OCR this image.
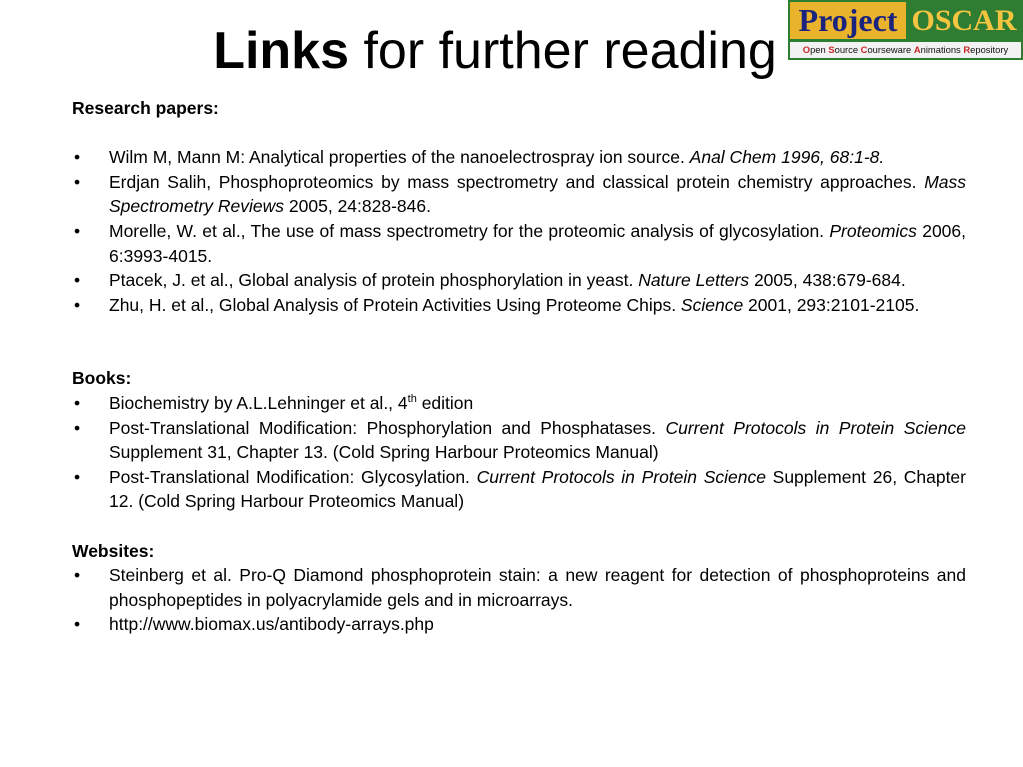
Links for further reading
Project OSCAR
Open Source Courseware Animations Repository

Research papers:

• Wilm M, Mann M: Analytical properties of the nanoelectrospray ion source. Anal Chem 1996, 68:1-8.
• Erdjan Salih, Phosphoproteomics by mass spectrometry and classical protein chemistry approaches. Mass Spectrometry Reviews 2005, 24:828-846.
• Morelle, W. et al., The use of mass spectrometry for the proteomic analysis of glycosylation. Proteomics 2006, 6:3993-4015.
• Ptacek, J. et al., Global analysis of protein phosphorylation in yeast. Nature Letters 2005, 438:679-684.
• Zhu, H. et al., Global Analysis of Protein Activities Using Proteome Chips. Science 2001, 293:2101-2105.

Books:

• Biochemistry by A.L.Lehninger et al., 4th edition
• Post-Translational Modification: Phosphorylation and Phosphatases. Current Protocols in Protein Science Supplement 31, Chapter 13. (Cold Spring Harbour Proteomics Manual)
• Post-Translational Modification: Glycosylation. Current Protocols in Protein Science Supplement 26, Chapter 12. (Cold Spring Harbour Proteomics Manual)

Websites:

• Steinberg et al. Pro-Q Diamond phosphoprotein stain: a new reagent for detection of phosphoproteins and phosphopeptides in polyacrylamide gels and in microarrays.
• http://www.biomax.us/antibody-arrays.php
